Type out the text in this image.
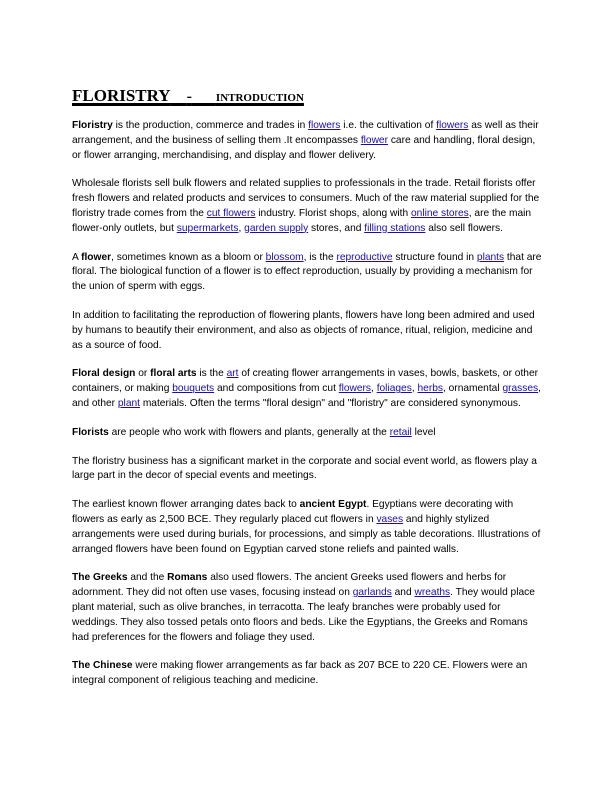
FLORISTRY - INTRODUCTION

Floristry is the production, commerce and trades in flowers i.e. the cultivation of flowers as well as their arrangement, and the business of selling them .It encompasses flower care and handling, floral design, or flower arranging, merchandising, and display and flower delivery.

Wholesale florists sell bulk flowers and related supplies to professionals in the trade. Retail florists offer fresh flowers and related products and services to consumers. Much of the raw material supplied for the floristry trade comes from the cut flowers industry. Florist shops, along with online stores, are the main flower-only outlets, but supermarkets, garden supply stores, and filling stations also sell flowers.

A flower, sometimes known as a bloom or blossom, is the reproductive structure found in plants that are floral. The biological function of a flower is to effect reproduction, usually by providing a mechanism for the union of sperm with eggs.

In addition to facilitating the reproduction of flowering plants, flowers have long been admired and used by humans to beautify their environment, and also as objects of romance, ritual, religion, medicine and as a source of food.

Floral design or floral arts is the art of creating flower arrangements in vases, bowls, baskets, or other containers, or making bouquets and compositions from cut flowers, foliages, herbs, ornamental grasses, and other plant materials. Often the terms "floral design" and "floristry" are considered synonymous.

Florists are people who work with flowers and plants, generally at the retail level

The floristry business has a significant market in the corporate and social event world, as flowers play a large part in the decor of special events and meetings.

The earliest known flower arranging dates back to ancient Egypt. Egyptians were decorating with flowers as early as 2,500 BCE. They regularly placed cut flowers in vases and highly stylized arrangements were used during burials, for processions, and simply as table decorations. Illustrations of arranged flowers have been found on Egyptian carved stone reliefs and painted walls.

The Greeks and the Romans also used flowers. The ancient Greeks used flowers and herbs for adornment. They did not often use vases, focusing instead on garlands and wreaths. They would place plant material, such as olive branches, in terracotta. The leafy branches were probably used for weddings. They also tossed petals onto floors and beds. Like the Egyptians, the Greeks and Romans had preferences for the flowers and foliage they used.

The Chinese were making flower arrangements as far back as 207 BCE to 220 CE. Flowers were an integral component of religious teaching and medicine.
